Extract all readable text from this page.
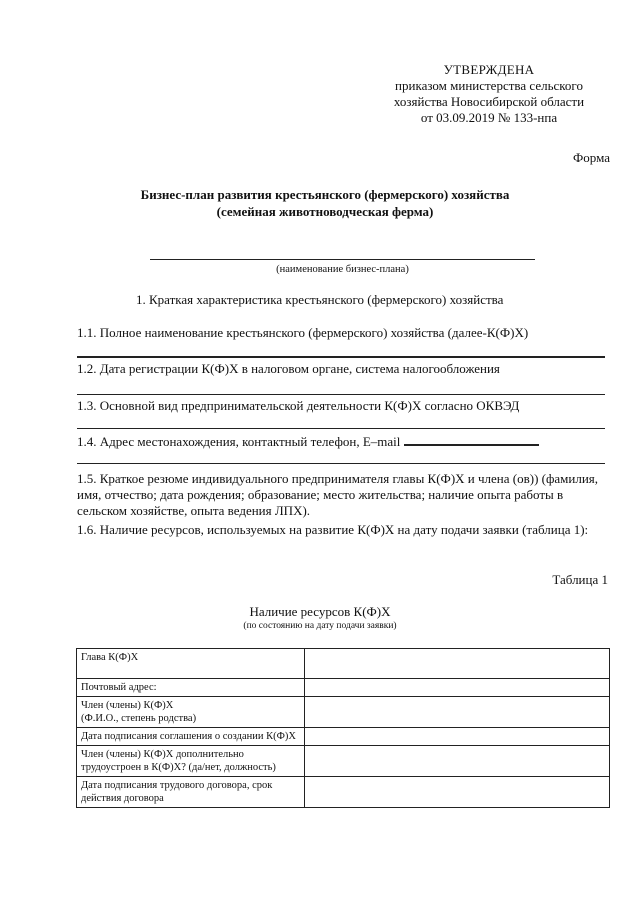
УТВЕРЖДЕНА
приказом министерства сельского
хозяйства Новосибирской области
от 03.09.2019 № 133-нпа
Форма
Бизнес-план развития крестьянского (фермерского) хозяйства
(семейная животноводческая ферма)
(наименование бизнес-плана)
1. Краткая характеристика крестьянского (фермерского) хозяйства
1.1. Полное наименование крестьянского (фермерского) хозяйства (далее-К(Ф)Х)
1.2. Дата регистрации К(Ф)Х в налоговом органе, система налогообложения
1.3. Основной вид предпринимательской деятельности К(Ф)Х согласно ОКВЭД
1.4. Адрес местонахождения, контактный телефон, E–mail
1.5. Краткое резюме индивидуального предпринимателя главы К(Ф)Х и члена (ов)) (фамилия, имя, отчество; дата рождения; образование; место жительства; наличие опыта работы в сельском хозяйстве, опыта ведения ЛПХ).
1.6. Наличие ресурсов, используемых на развитие К(Ф)Х на дату подачи заявки (таблица 1):
Таблица 1
Наличие ресурсов К(Ф)Х
(по состоянию на дату подачи заявки)
Глава К(Ф)Х	
Почтовый адрес:	
Член (члены) К(Ф)Х
(Ф.И.О., степень родства)	
Дата подписания соглашения о создании К(Ф)Х	
Член (члены) К(Ф)Х дополнительно трудоустроен в К(Ф)Х? (да/нет, должность)	
Дата подписания трудового договора, срок действия договора	
